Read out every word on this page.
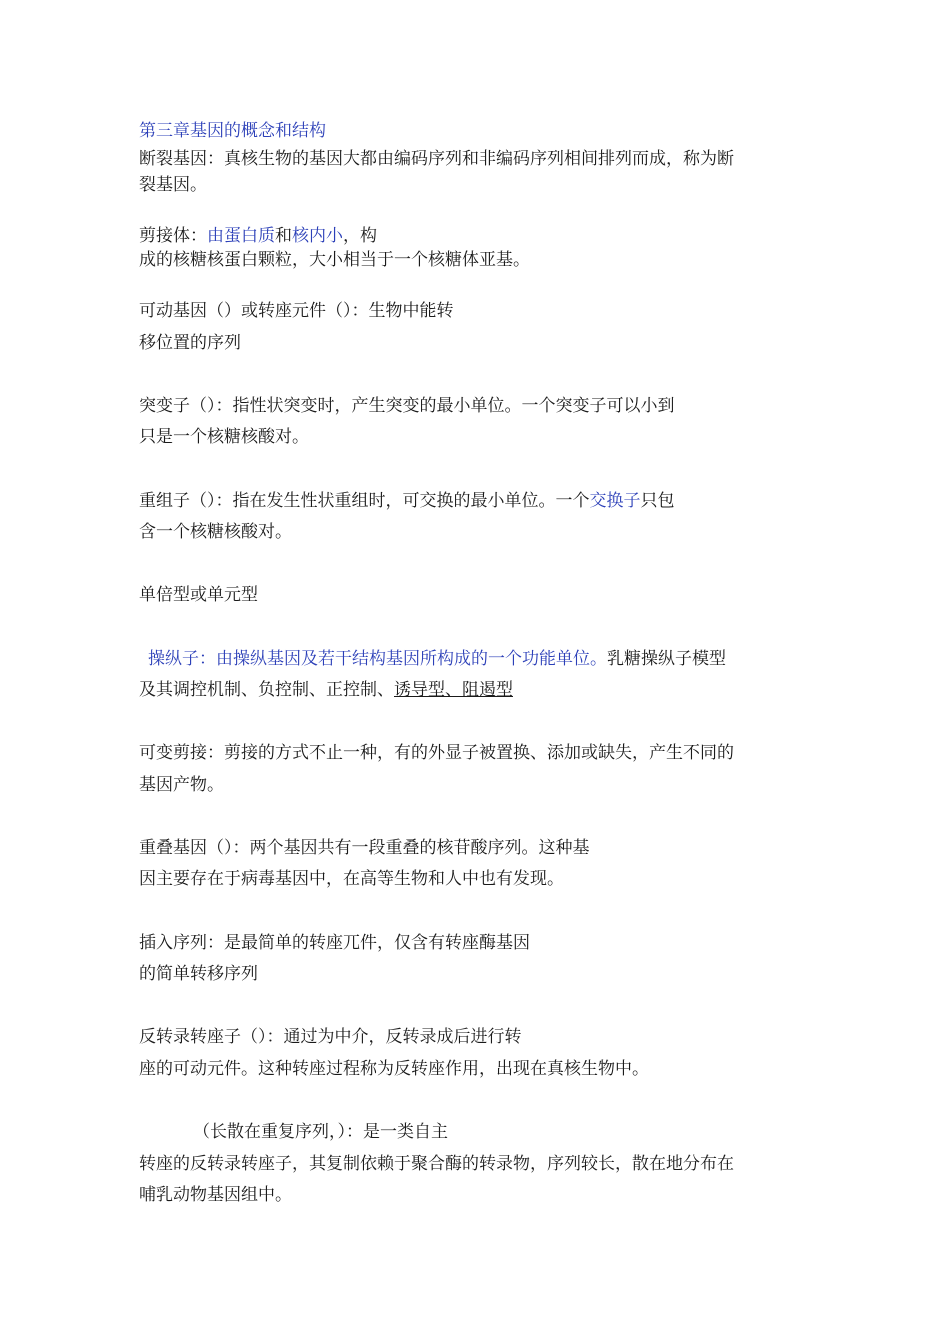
第三章基因的概念和结构
断裂基因：真核生物的基因大都由编码序列和非编码序列相间排列而成，称为断
裂基因。
剪接体：由蛋白质和核内小，构
成的核糖核蛋白颗粒，大小相当于一个核糖体亚基。
可动基因（）或转座元件（）：生物中能转
移位置的序列
突变子（）：指性状突变时，产生突变的最小单位。一个突变子可以小到
只是一个核糖核酸对。
重组子（）：指在发生性状重组时，可交换的最小单位。一个交换子只包
含一个核糖核酸对。
单倍型或单元型
操纵子：由操纵基因及若干结构基因所构成的一个功能单位。乳糖操纵子模型
及其调控机制、负控制、正控制、诱导型、阻遏型
可变剪接：剪接的方式不止一种，有的外显子被置换、添加或缺失，产生不同的
基因产物。
重叠基因（）：两个基因共有一段重叠的核苷酸序列。这种基
因主要存在于病毒基因中，在高等生物和人中也有发现。
插入序列：是最简单的转座兀件，仅含有转座酶基因
的简单转移序列
反转录转座子（）：通过为中介，反转录成后进行转
座的可动元件。这种转座过程称为反转座作用，出现在真核生物中。
（长散在重复序列，）：是一类自主
转座的反转录转座子，其复制依赖于聚合酶的转录物，序列较长，散在地分布在
哺乳动物基因组中。
